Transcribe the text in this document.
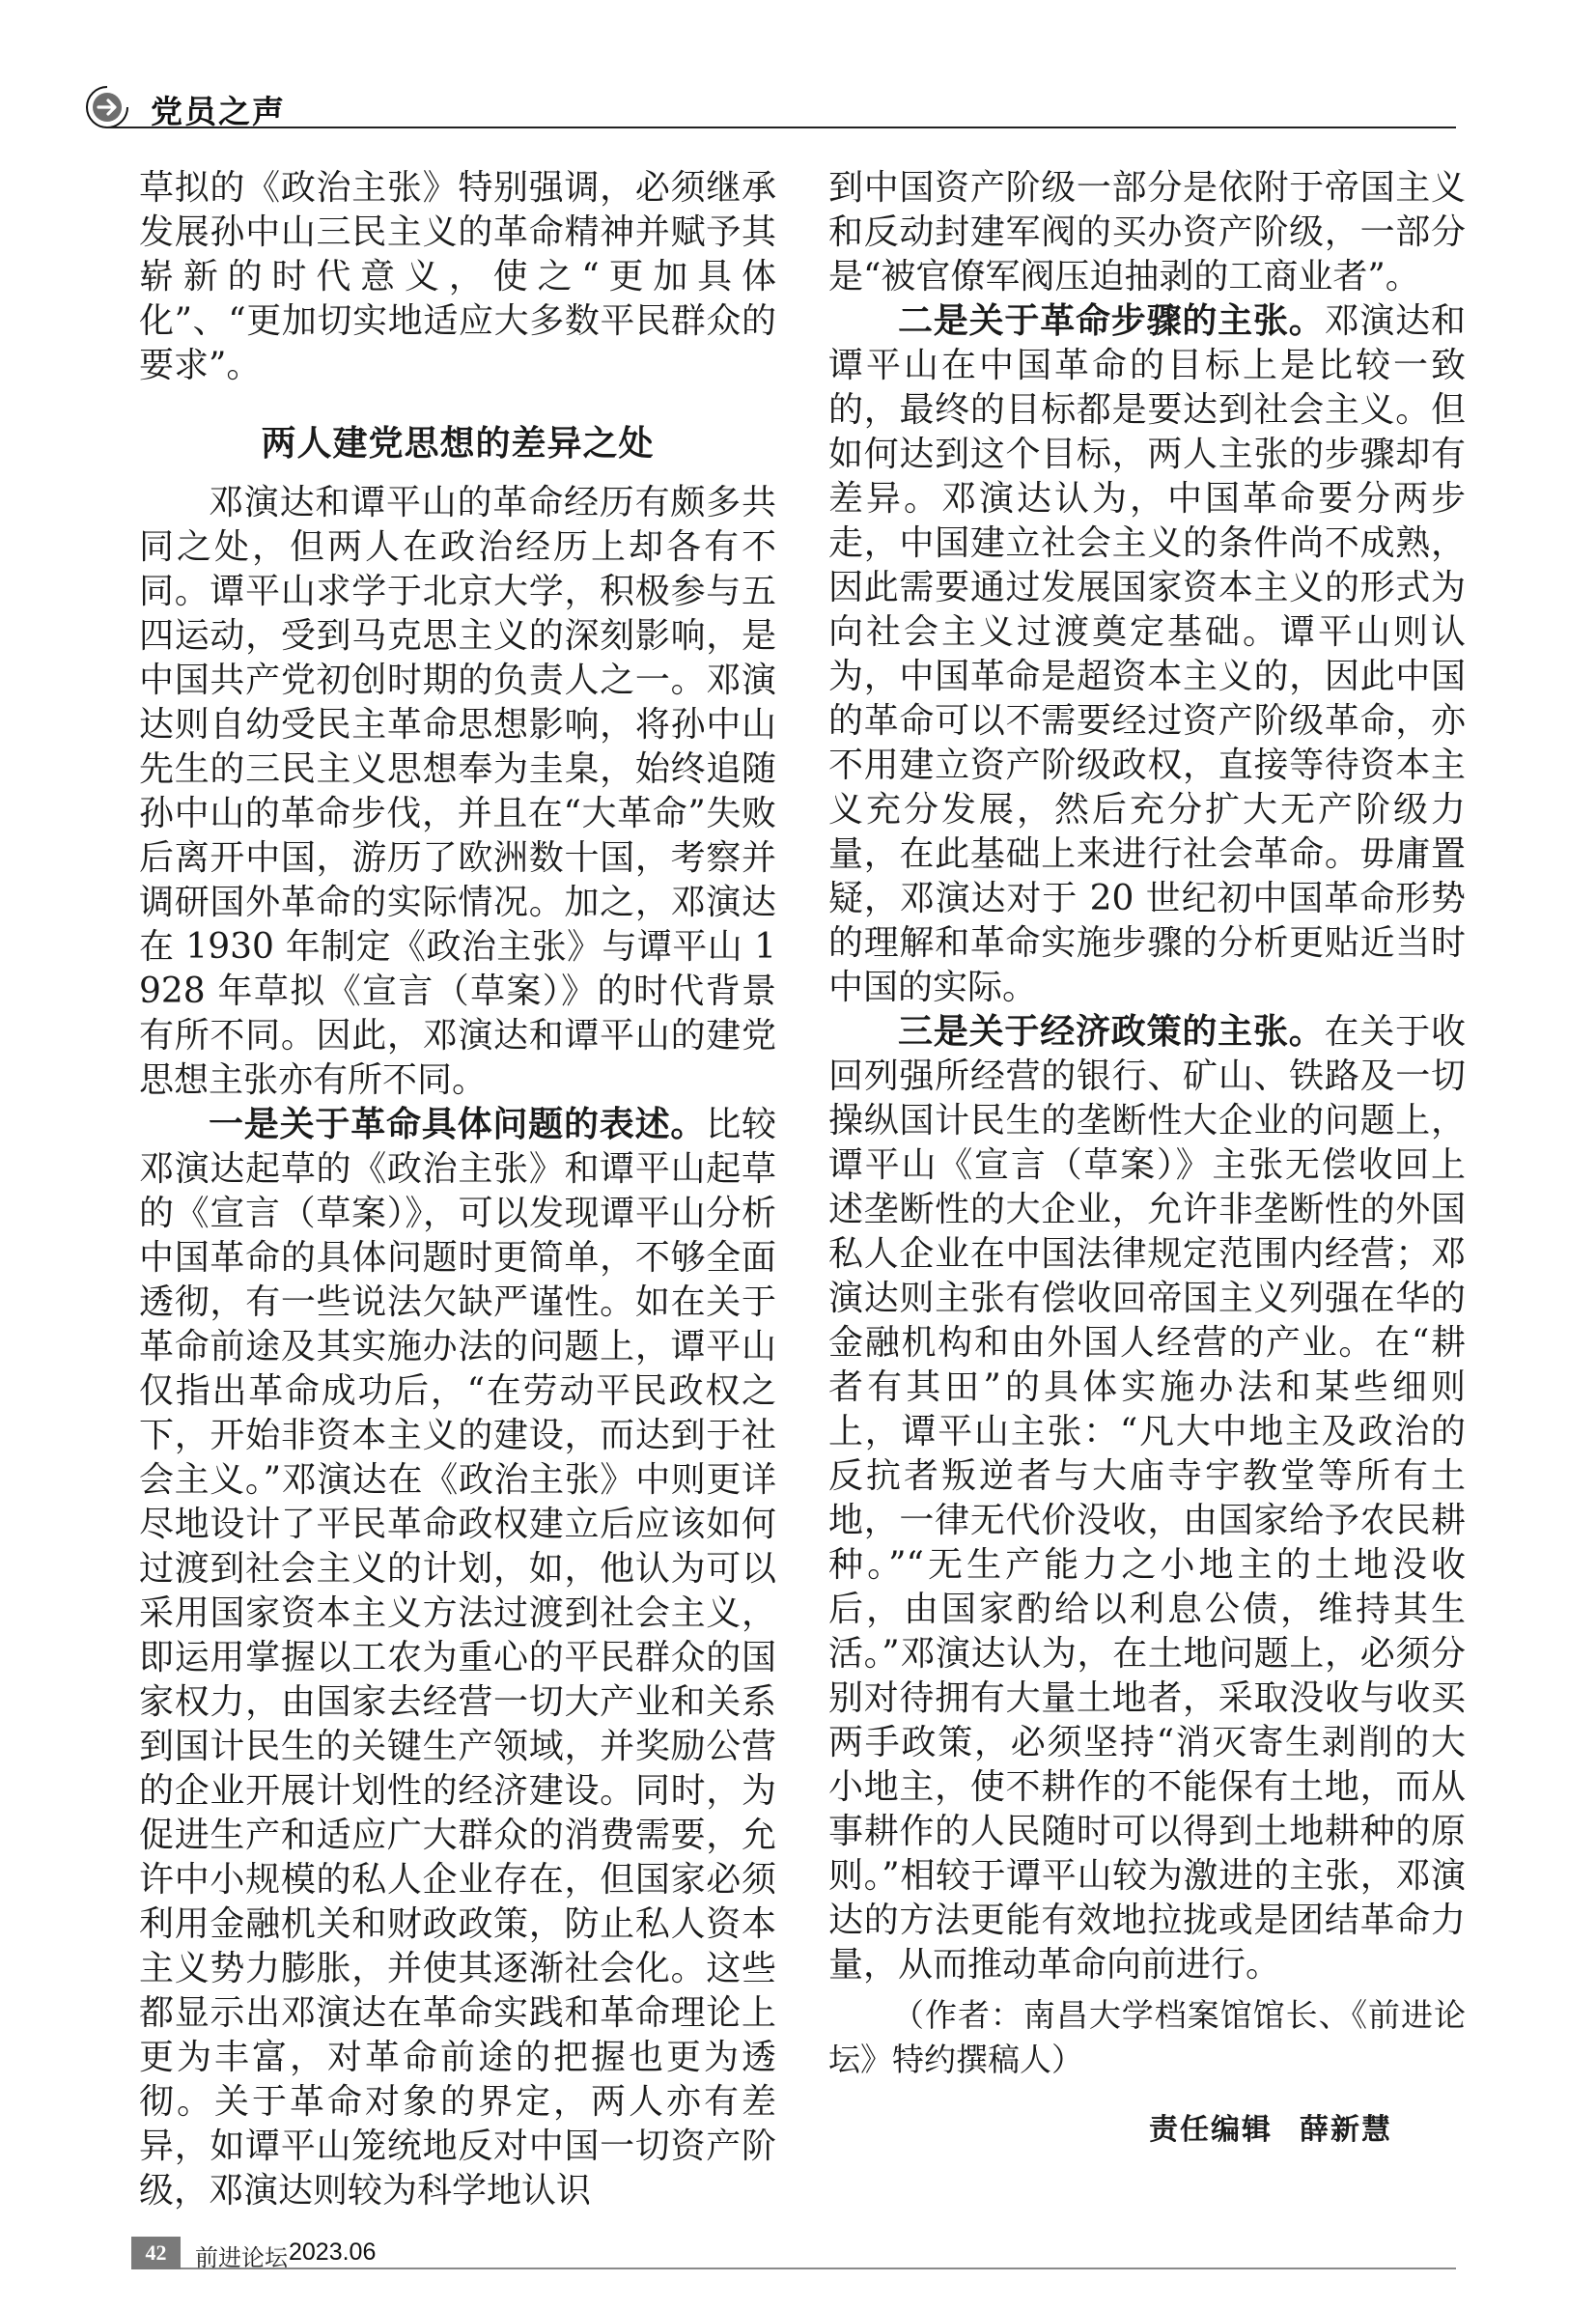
党员之声

草拟的《政治主张》特别强调，必须继承发展孙中山三民主义的革命精神并赋予其崭新的时代意义，使之“更加具体化”、“更加切实地适应大多数平民群众的要求”。

两人建党思想的差异之处

邓演达和谭平山的革命经历有颇多共同之处，但两人在政治经历上却各有不同。谭平山求学于北京大学，积极参与五四运动，受到马克思主义的深刻影响，是中国共产党初创时期的负责人之一。邓演达则自幼受民主革命思想影响，将孙中山先生的三民主义思想奉为圭臬，始终追随孙中山的革命步伐，并且在“大革命”失败后离开中国，游历了欧洲数十国，考察并调研国外革命的实际情况。加之，邓演达在 1930 年制定《政治主张》与谭平山 1928 年草拟《宣言（草案）》的时代背景有所不同。因此，邓演达和谭平山的建党思想主张亦有所不同。

一是关于革命具体问题的表述。比较邓演达起草的《政治主张》和谭平山起草的《宣言（草案）》，可以发现谭平山分析中国革命的具体问题时更简单，不够全面透彻，有一些说法欠缺严谨性。如在关于革命前途及其实施办法的问题上，谭平山仅指出革命成功后，“在劳动平民政权之下，开始非资本主义的建设，而达到于社会主义。”邓演达在《政治主张》中则更详尽地设计了平民革命政权建立后应该如何过渡到社会主义的计划，如，他认为可以采用国家资本主义方法过渡到社会主义，即运用掌握以工农为重心的平民群众的国家权力，由国家去经营一切大产业和关系到国计民生的关键生产领域，并奖励公营的企业开展计划性的经济建设。同时，为促进生产和适应广大群众的消费需要，允许中小规模的私人企业存在，但国家必须利用金融机关和财政政策，防止私人资本主义势力膨胀，并使其逐渐社会化。这些都显示出邓演达在革命实践和革命理论上更为丰富，对革命前途的把握也更为透彻。关于革命对象的界定，两人亦有差异，如谭平山笼统地反对中国一切资产阶级，邓演达则较为科学地认识

到中国资产阶级一部分是依附于帝国主义和反动封建军阀的买办资产阶级，一部分是“被官僚军阀压迫抽剥的工商业者”。

二是关于革命步骤的主张。邓演达和谭平山在中国革命的目标上是比较一致的，最终的目标都是要达到社会主义。但如何达到这个目标，两人主张的步骤却有差异。邓演达认为，中国革命要分两步走，中国建立社会主义的条件尚不成熟，因此需要通过发展国家资本主义的形式为向社会主义过渡奠定基础。谭平山则认为，中国革命是超资本主义的，因此中国的革命可以不需要经过资产阶级革命，亦不用建立资产阶级政权，直接等待资本主义充分发展，然后充分扩大无产阶级力量，在此基础上来进行社会革命。毋庸置疑，邓演达对于 20 世纪初中国革命形势的理解和革命实施步骤的分析更贴近当时中国的实际。

三是关于经济政策的主张。在关于收回列强所经营的银行、矿山、铁路及一切操纵国计民生的垄断性大企业的问题上，谭平山《宣言（草案）》主张无偿收回上述垄断性的大企业，允许非垄断性的外国私人企业在中国法律规定范围内经营；邓演达则主张有偿收回帝国主义列强在华的金融机构和由外国人经营的产业。在“耕者有其田”的具体实施办法和某些细则上，谭平山主张：“凡大中地主及政治的反抗者叛逆者与大庙寺宇教堂等所有土地，一律无代价没收，由国家给予农民耕种。”“无生产能力之小地主的土地没收后，由国家酌给以利息公债，维持其生活。”邓演达认为，在土地问题上，必须分别对待拥有大量土地者，采取没收与收买两手政策，必须坚持“消灭寄生剥削的大小地主，使不耕作的不能保有土地，而从事耕作的人民随时可以得到土地耕种的原则。”相较于谭平山较为激进的主张，邓演达的方法更能有效地拉拢或是团结革命力量，从而推动革命向前进行。

（作者：南昌大学档案馆馆长、《前进论坛》特约撰稿人）

责任编辑 薛新慧
42	前进论坛 2023.06
